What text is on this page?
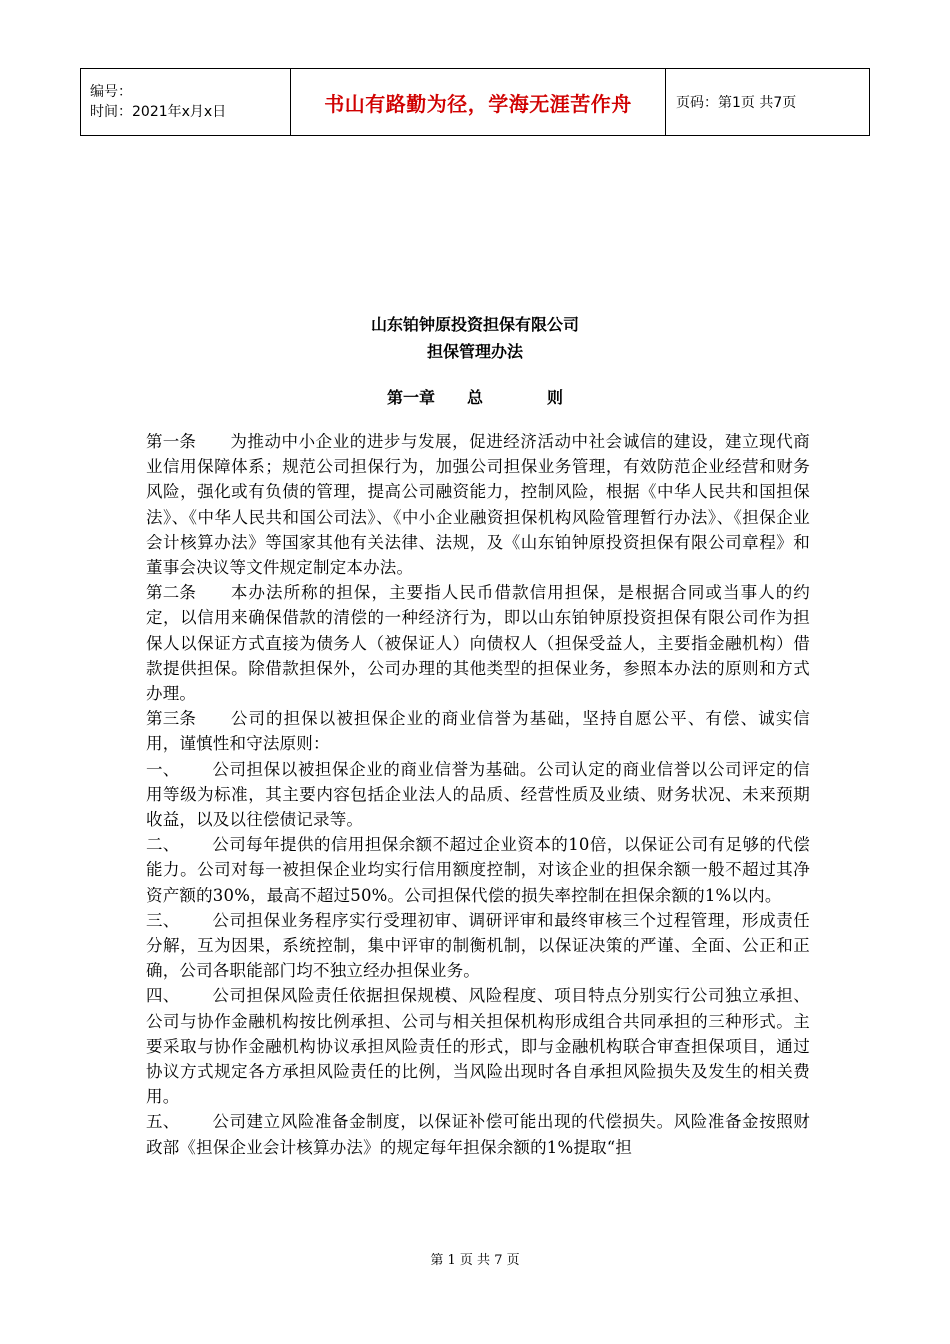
编号：
时间：2021年x月x日	书山有路勤为径，学海无涯苦作舟	页码：第1页 共7页
山东铂钟原投资担保有限公司
担保管理办法
第一章　　总　　　　则

第一条 为推动中小企业的进步与发展，促进经济活动中社会诚信的建设，建立现代商业信用保障体系；规范公司担保行为，加强公司担保业务管理，有效防范企业经营和财务风险，强化或有负债的管理，提高公司融资能力，控制风险，根据《中华人民共和国担保法》、《中华人民共和国公司法》、《中小企业融资担保机构风险管理暂行办法》、《担保企业会计核算办法》等国家其他有关法律、法规，及《山东铂钟原投资担保有限公司章程》和董事会决议等文件规定制定本办法。

第二条 本办法所称的担保，主要指人民币借款信用担保，是根据合同或当事人的约定，以信用来确保借款的清偿的一种经济行为，即以山东铂钟原投资担保有限公司作为担保人以保证方式直接为债务人（被保证人）向债权人（担保受益人，主要指金融机构）借款提供担保。除借款担保外，公司办理的其他类型的担保业务，参照本办法的原则和方式办理。

第三条 公司的担保以被担保企业的商业信誉为基础，坚持自愿公平、有偿、诚实信用，谨慎性和守法原则：

一、 公司担保以被担保企业的商业信誉为基础。公司认定的商业信誉以公司评定的信用等级为标准，其主要内容包括企业法人的品质、经营性质及业绩、财务状况、未来预期收益，以及以往偿债记录等。

二、 公司每年提供的信用担保余额不超过企业资本的10倍，以保证公司有足够的代偿能力。公司对每一被担保企业均实行信用额度控制，对该企业的担保余额一般不超过其净资产额的30%，最高不超过50%。公司担保代偿的损失率控制在担保余额的1%以内。

三、 公司担保业务程序实行受理初审、调研评审和最终审核三个过程管理，形成责任分解，互为因果，系统控制，集中评审的制衡机制，以保证决策的严谨、全面、公正和正确，公司各职能部门均不独立经办担保业务。

四、 公司担保风险责任依据担保规模、风险程度、项目特点分别实行公司独立承担、公司与协作金融机构按比例承担、公司与相关担保机构形成组合共同承担的三种形式。主要采取与协作金融机构协议承担风险责任的形式，即与金融机构联合审查担保项目，通过协议方式规定各方承担风险责任的比例，当风险出现时各自承担风险损失及发生的相关费用。

五、 公司建立风险准备金制度，以保证补偿可能出现的代偿损失。风险准备金按照财政部《担保企业会计核算办法》的规定每年担保余额的1%提取“担

第 1 页 共 7 页
